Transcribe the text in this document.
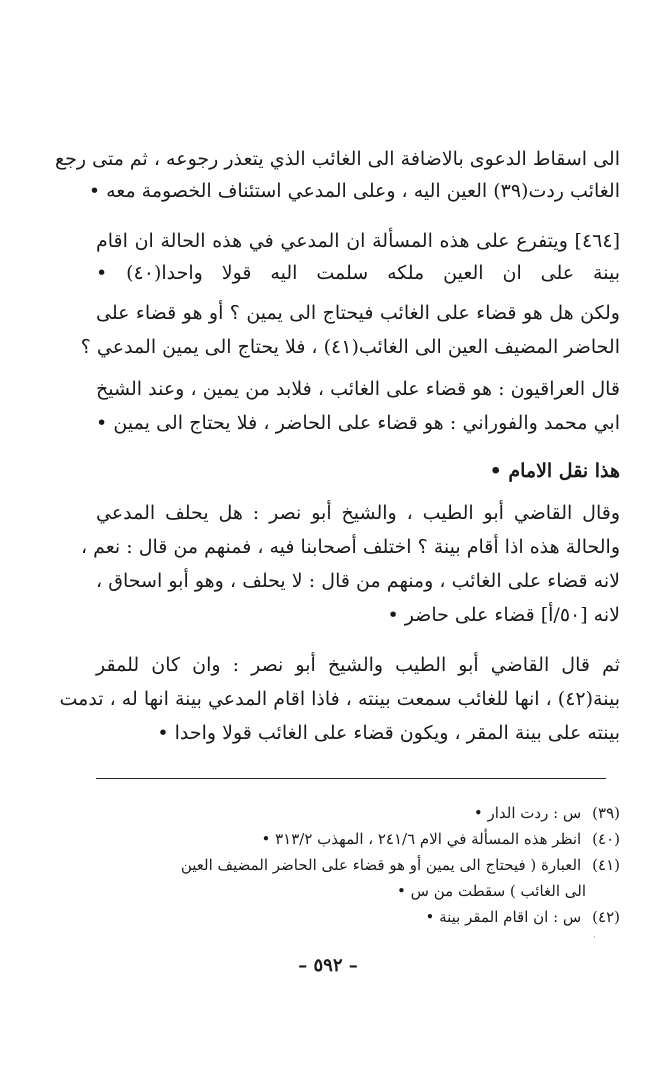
الى اسقاط الدعوى بالاضافة الى الغائب الذي يتعذر رجوعه ، ثم متى رجع
الغائب ردت(٣٩) العين اليه ، وعلى المدعي استئناف الخصومة معه •
[٤٦٤] ويتفرع على هذه المسألة ان المدعي في هذه الحالة ان اقام
بينة على ان العين ملكه سلمت اليه قولا واحدا(٤٠) •
ولكن هل هو قضاء على الغائب فيحتاج الى يمين ؟ أو هو قضاء على
الحاضر المضيف العين الى الغائب(٤١) ، فلا يحتاج الى يمين المدعي ؟
قال العراقيون : هو قضاء على الغائب ، فلابد من يمين ، وعند الشيخ
ابي محمد والفوراني : هو قضاء على الحاضر ، فلا يحتاج الى يمين •
هذا نقل الامام •
وقال القاضي أبو الطيب ، والشيخ أبو نصر : هل يحلف المدعي
والحالة هذه اذا أقام بينة ؟ اختلف أصحابنا فيه ، فمنهم من قال : نعم ،
لانه قضاء على الغائب ، ومنهم من قال : لا يحلف ، وهو أبو اسحاق ،
لانه [٥٠/أ] قضاء على حاضر •
ثم قال القاضي أبو الطيب والشيخ أبو نصر : وان كان للمقر
بينة(٤٢) ، انها للغائب سمعت بينته ، فاذا اقام المدعي بينة انها له ، تدمت
بينته على بينة المقر ، ويكون قضاء على الغائب قولا واحدا •
(٣٩) س : ردت الدار •
(٤٠) انظر هذه المسألة في الام ٢٤١/٦ ، المهذب ٣١٣/٢ •
(٤١) العبارة ( فيحتاج الى يمين أو هو قضاء على الحاضر المضيف العين
الى الغائب ) سقطت من س •
(٤٢) س : ان اقام المقر بينة •
˙
– ٥٩٢ –
